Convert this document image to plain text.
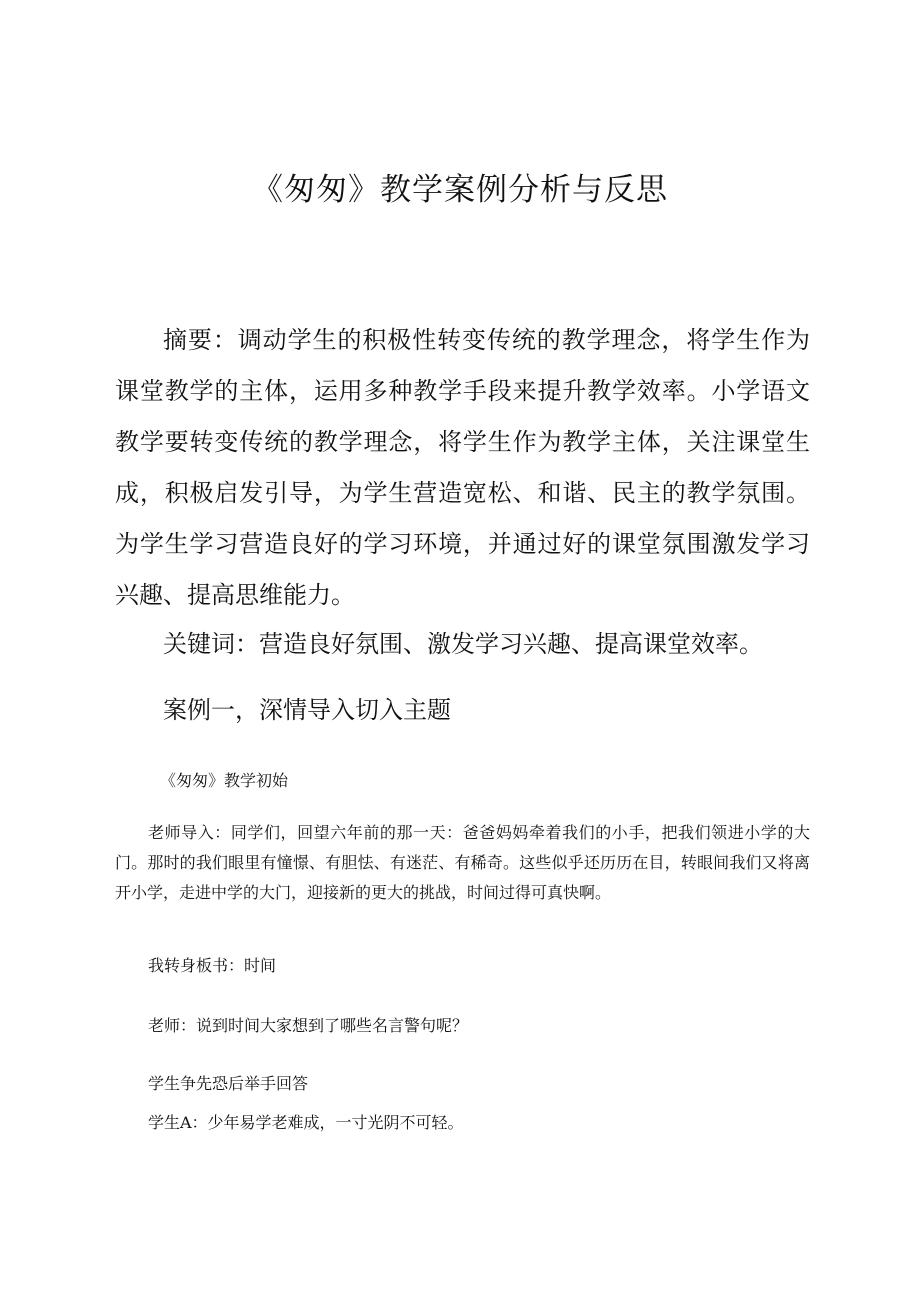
《匆匆》教学案例分析与反思

摘要：调动学生的积极性转变传统的教学理念，将学生作为课堂教学的主体，运用多种教学手段来提升教学效率。小学语文教学要转变传统的教学理念，将学生作为教学主体，关注课堂生成，积极启发引导，为学生营造宽松、和谐、民主的教学氛围。为学生学习营造良好的学习环境，并通过好的课堂氛围激发学习兴趣、提高思维能力。

关键词：营造良好氛围、激发学习兴趣、提高课堂效率。

案例一，深情导入切入主题

《匆匆》教学初始

老师导入：同学们，回望六年前的那一天：爸爸妈妈牵着我们的小手，把我们领进小学的大门。那时的我们眼里有憧憬、有胆怯、有迷茫、有稀奇。这些似乎还历历在目，转眼间我们又将离开小学，走进中学的大门，迎接新的更大的挑战，时间过得可真快啊。

我转身板书：时间

老师：说到时间大家想到了哪些名言警句呢？

学生争先恐后举手回答

学生A：少年易学老难成，一寸光阴不可轻。
